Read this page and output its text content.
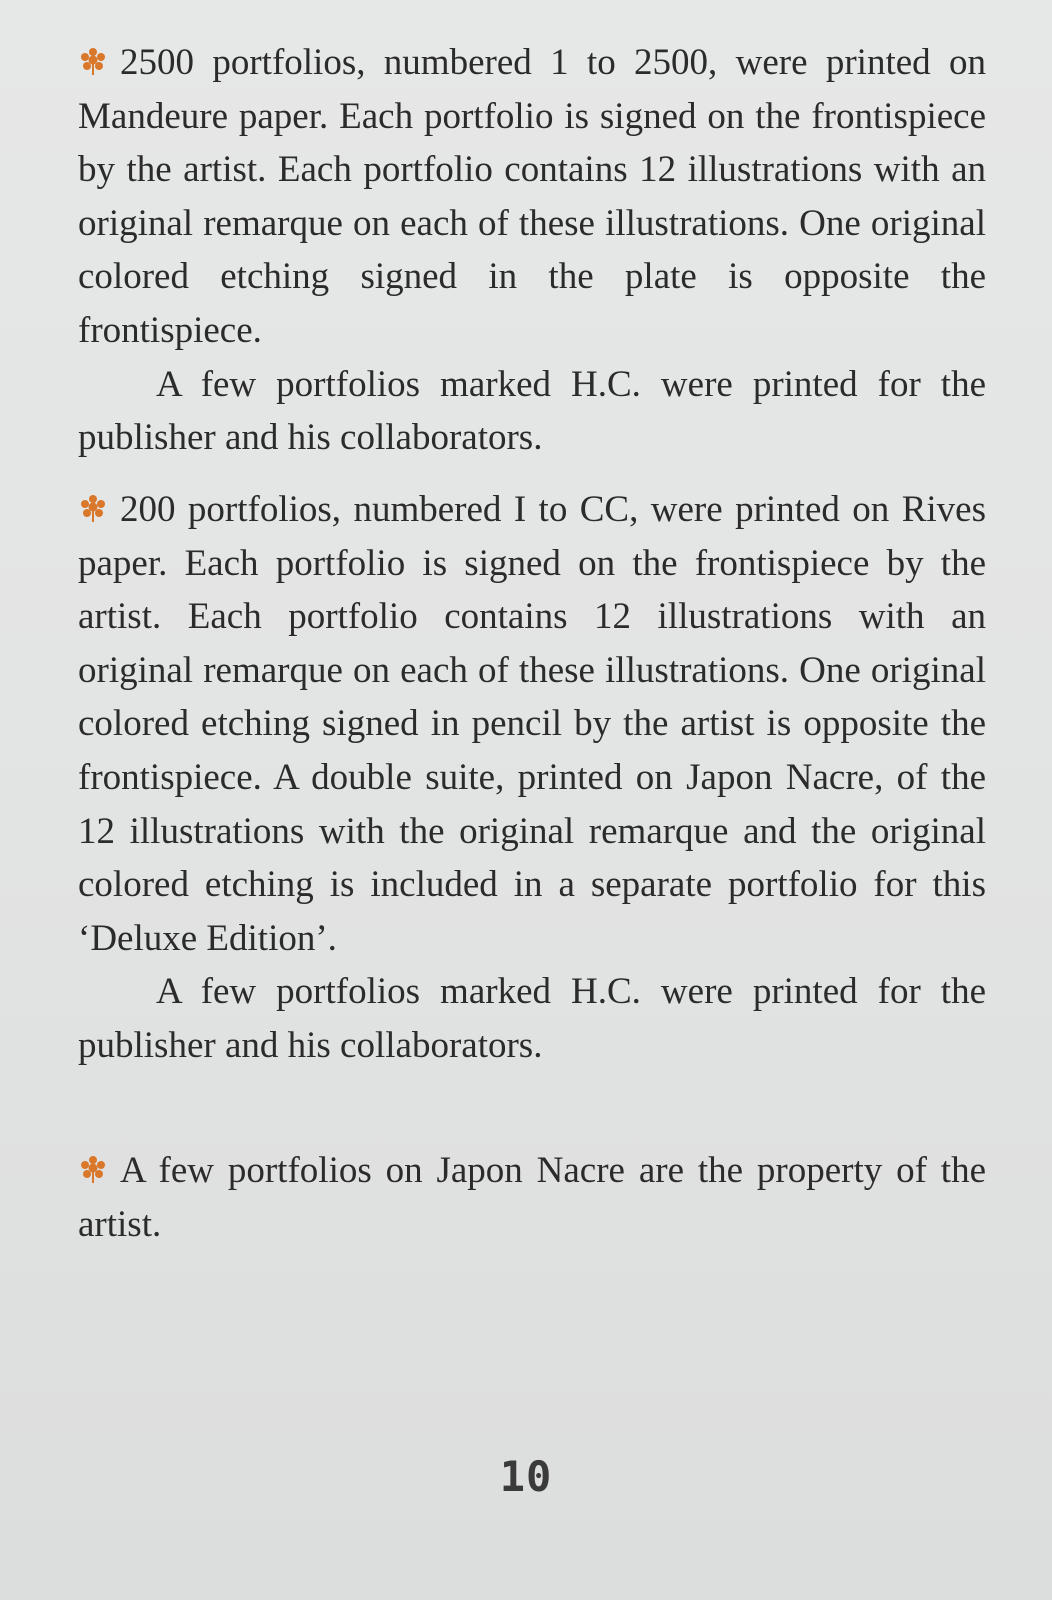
2500 portfolios, numbered 1 to 2500, were printed on Mandeure paper. Each portfolio is signed on the frontispiece by the artist. Each portfolio contains 12 illustrations with an original remarque on each of these illustrations. One original colored etching signed in the plate is opposite the frontispiece.

A few portfolios marked H.C. were printed for the publisher and his collaborators.

200 portfolios, numbered I to CC, were printed on Rives paper. Each portfolio is signed on the frontispiece by the artist. Each portfolio contains 12 illustrations with an original remarque on each of these illustrations. One original colored etching signed in pencil by the artist is opposite the frontispiece. A double suite, printed on Japon Nacre, of the 12 illustrations with the original remarque and the original colored etching is included in a separate portfolio for this ‘Deluxe Edition’.

A few portfolios marked H.C. were printed for the publisher and his collaborators.

A few portfolios on Japon Nacre are the property of the artist.

10
